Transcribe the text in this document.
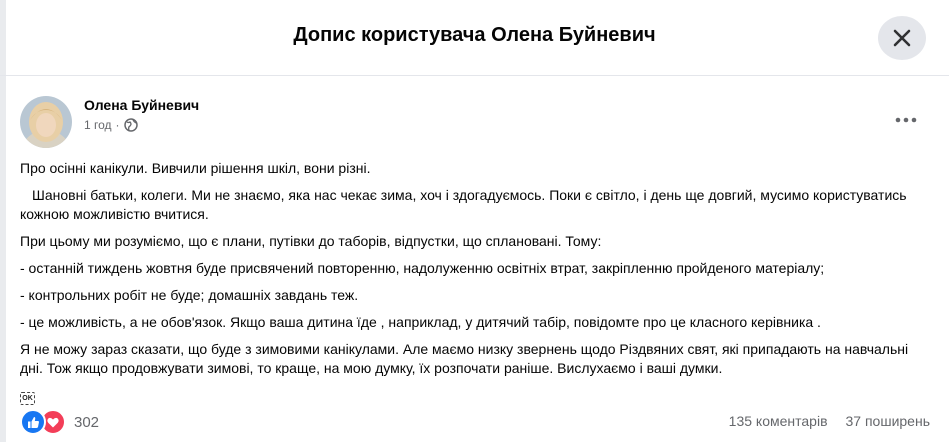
Допис користувача Олена Буйневич
Олена Буйневич
1 год ·

Про осінні канікули. Вивчили рішення шкіл, вони різні.

Шановні батьки, колеги. Ми не знаємо, яка нас чекає зима, хоч і здогадуємось. Поки є світло, і день ще довгий, мусимо користуватись кожною можливістю вчитися.

При цьому ми розуміємо, що є плани, путівки до таборів, відпустки, що сплановані. Тому:

- останній тиждень жовтня буде присвячений повторенню, надолуженню освітніх втрат, закріпленню пройденого матеріалу;

- контрольних робіт не буде; домашніх завдань теж.

- це можливість, а не обов'язок. Якщо ваша дитина їде , наприклад, у дитячий табір, повідомте про це класного керівника .

Я не можу зараз сказати, що буде з зимовими канікулами. Але маємо низку звернень щодо Різдвяних свят, які припадають на навчальні дні. Тож якщо продовжувати зимові, то краще, на мою думку, їх розпочати раніше. Вислухаємо і ваші думки.

OK

302	135 коментарів 37 поширень
